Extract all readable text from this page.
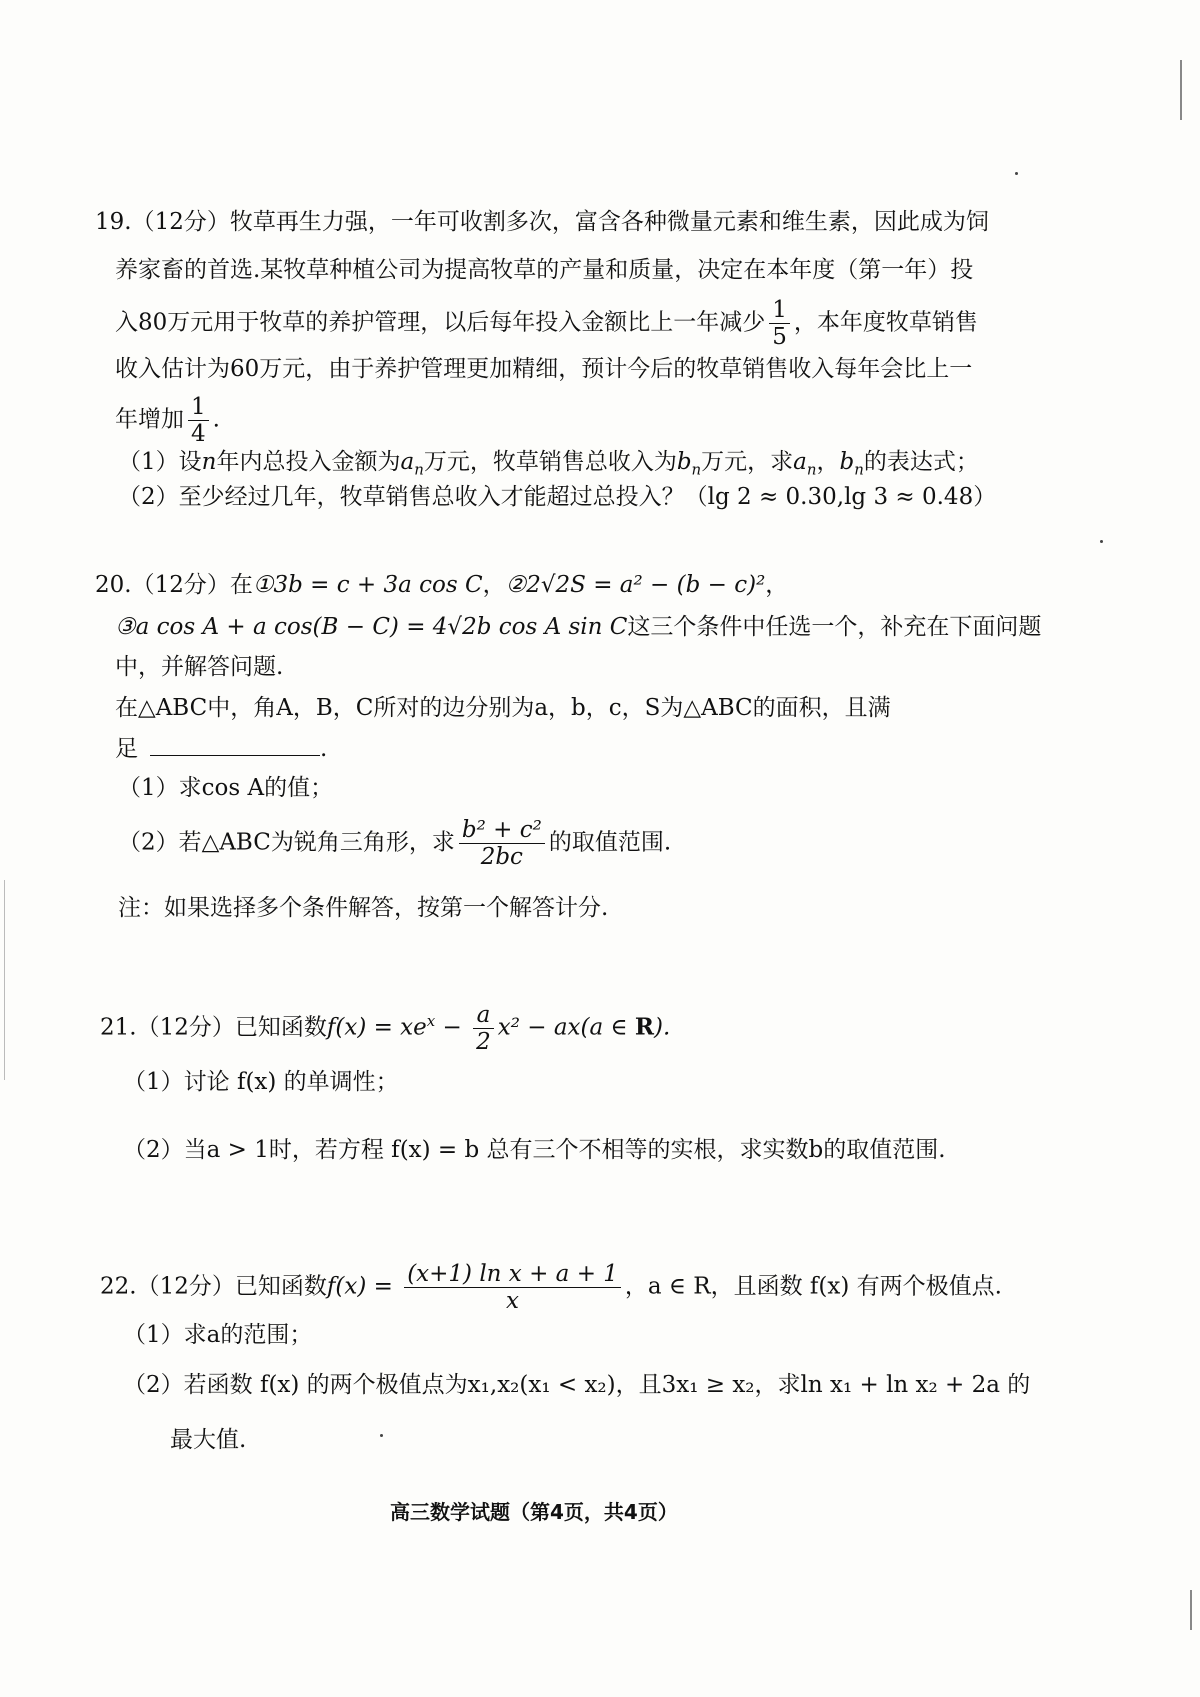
19.（12分）牧草再生力强，一年可收割多次，富含各种微量元素和维生素，因此成为饲
养家畜的首选.某牧草种植公司为提高牧草的产量和质量，决定在本年度（第一年）投
入80万元用于牧草的养护管理，以后每年投入金额比上一年减少 $\frac{1}{5}$ ，本年度牧草销售
收入估计为60万元，由于养护管理更加精细，预计今后的牧草销售收入每年会比上一
年增加 $\frac{1}{4}$ .
（1）设n年内总投入金额为$a_n$万元，牧草销售总收入为$b_n$万元，求$a_n$，$b_n$的表达式；
（2）至少经过几年，牧草销售总收入才能超过总投入？（lg 2 ≈ 0.30,lg 3 ≈ 0.48）
20.（12分）在①3b = c + 3a cos C，②2√2S = a² − (b − c)²，
③a cos A + a cos(B − C) = 4√2b cos A sin C这三个条件中任选一个，补充在下面问题
中，并解答问题.
在△ABC中，角A，B，C所对的边分别为a，b，c，S为△ABC的面积，且满
足	.
（1）求cos A的值；
（2）若△ABC为锐角三角形，求 $\frac{\text{b² + c²}}{2bc}$ 的取值范围.
注：如果选择多个条件解答，按第一个解答计分.
21.（12分）已知函数$f(x) = xe^x - \frac{a}{2} x^2 - ax(a$ ∈ R).
（1）讨论 f(x) 的单调性；
（2）当a > 1时，若方程 f(x) = b 总有三个不相等的实根，求实数b的取值范围.
22.（12分）已知函数$f(x) = \frac{\text{(x+1) ln x + a + 1}}{x}$ ，a ∈ R，且函数 f(x) 有两个极值点.
（1）求a的范围；
（2）若函数 f(x) 的两个极值点为x₁,x₂(x₁ < x₂)，且3x₁ ≥ x₂，求ln x₁ + ln x₂ + 2a 的
最大值.
高三数学试题（第4页，共4页）
